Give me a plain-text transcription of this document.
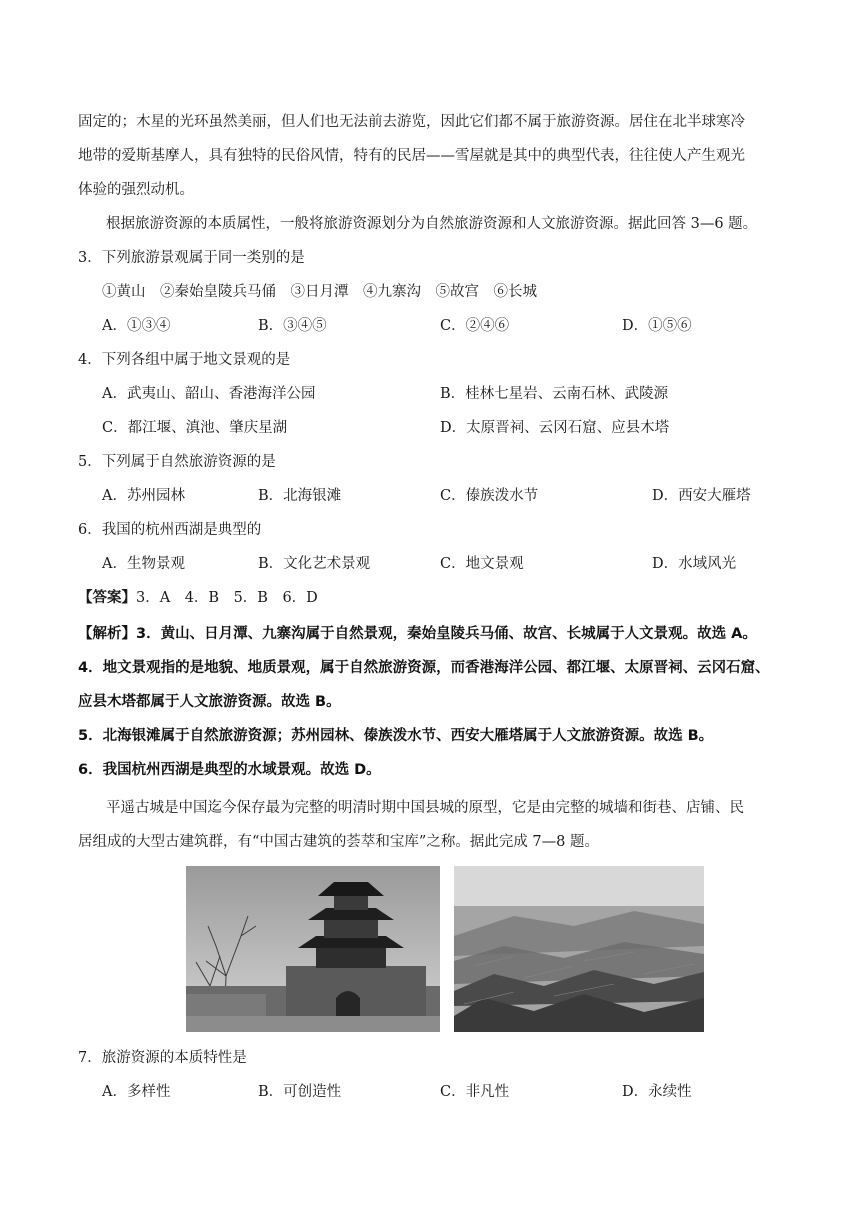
固定的；木星的光环虽然美丽，但人们也无法前去游览，因此它们都不属于旅游资源。居住在北半球寒冷
地带的爱斯基摩人，具有独特的民俗风情，特有的民居——雪屋就是其中的典型代表，往往使人产生观光
体验的强烈动机。
根据旅游资源的本质属性，一般将旅游资源划分为自然旅游资源和人文旅游资源。据此回答 3—6 题。
3．下列旅游景观属于同一类别的是
①黄山　②秦始皇陵兵马俑　③日月潭　④九寨沟　⑤故宫　⑥长城
A．①③④	B．③④⑤	C．②④⑥	D．①⑤⑥
4．下列各组中属于地文景观的是
A．武夷山、韶山、香港海洋公园	B．桂林七星岩、云南石林、武陵源
C．都江堰、滇池、肇庆星湖	D．太原晋祠、云冈石窟、应县木塔
5．下列属于自然旅游资源的是
A．苏州园林	B．北海银滩	C．傣族泼水节	D．西安大雁塔
6．我国的杭州西湖是典型的
A．生物景观	B．文化艺术景观	C．地文景观	D．水域风光
【答案】3．A　4．B　5．B　6．D
【解析】3．黄山、日月潭、九寨沟属于自然景观，秦始皇陵兵马俑、故宫、长城属于人文景观。故选 A。
4．地文景观指的是地貌、地质景观，属于自然旅游资源，而香港海洋公园、都江堰、太原晋祠、云冈石窟、
应县木塔都属于人文旅游资源。故选 B。
5．北海银滩属于自然旅游资源；苏州园林、傣族泼水节、西安大雁塔属于人文旅游资源。故选 B。
6．我国杭州西湖是典型的水域景观。故选 D。
平遥古城是中国迄今保存最为完整的明清时期中国县城的原型，它是由完整的城墙和街巷、店铺、民
居组成的大型古建筑群，有“中国古建筑的荟萃和宝库”之称。据此完成 7—8 题。
7．旅游资源的本质特性是
A．多样性	B．可创造性	C．非凡性	D．永续性
